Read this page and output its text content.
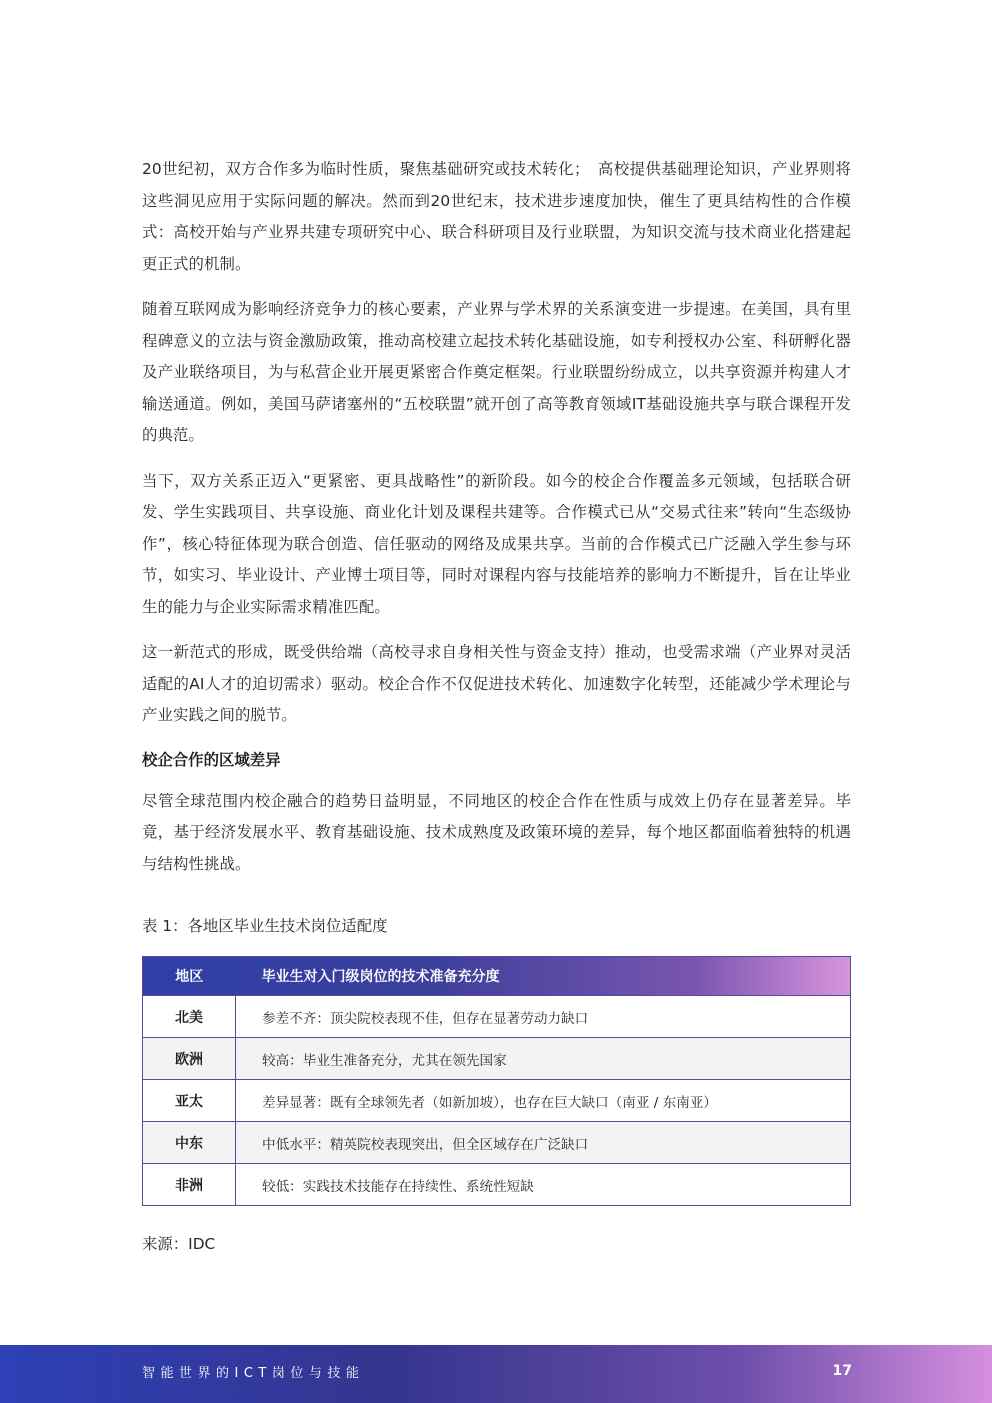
20世纪初，双方合作多为临时性质，聚焦基础研究或技术转化；　高校提供基础理论知识，产业界则将这些洞见应用于实际问题的解决。然而到20世纪末，技术进步速度加快，催生了更具结构性的合作模式：高校开始与产业界共建专项研究中心、联合科研项目及行业联盟，为知识交流与技术商业化搭建起更正式的机制。

随着互联网成为影响经济竞争力的核心要素，产业界与学术界的关系演变进一步提速。在美国，具有里程碑意义的立法与资金激励政策，推动高校建立起技术转化基础设施，如专利授权办公室、科研孵化器及产业联络项目，为与私营企业开展更紧密合作奠定框架。行业联盟纷纷成立，以共享资源并构建人才输送通道。例如，美国马萨诸塞州的“五校联盟”就开创了高等教育领域IT基础设施共享与联合课程开发的典范。

当下，双方关系正迈入“更紧密、更具战略性”的新阶段。如今的校企合作覆盖多元领域，包括联合研发、学生实践项目、共享设施、商业化计划及课程共建等。合作模式已从“交易式往来”转向“生态级协作”，核心特征体现为联合创造、信任驱动的网络及成果共享。当前的合作模式已广泛融入学生参与环节，如实习、毕业设计、产业博士项目等，同时对课程内容与技能培养的影响力不断提升，旨在让毕业生的能力与企业实际需求精准匹配。

这一新范式的形成，既受供给端（高校寻求自身相关性与资金支持）推动，也受需求端（产业界对灵活适配的AI人才的迫切需求）驱动。校企合作不仅促进技术转化、加速数字化转型，还能减少学术理论与产业实践之间的脱节。

校企合作的区域差异

尽管全球范围内校企融合的趋势日益明显，不同地区的校企合作在性质与成效上仍存在显著差异。毕竟，基于经济发展水平、教育基础设施、技术成熟度及政策环境的差异，每个地区都面临着独特的机遇与结构性挑战。

表 1：各地区毕业生技术岗位适配度
地区	毕业生对入门级岗位的技术准备充分度
北美	参差不齐：顶尖院校表现不佳，但存在显著劳动力缺口
欧洲	较高：毕业生准备充分，尤其在领先国家
亚太	差异显著：既有全球领先者（如新加坡），也存在巨大缺口（南亚 / 东南亚）
中东	中低水平：精英院校表现突出，但全区域存在广泛缺口
非洲	较低：实践技术技能存在持续性、系统性短缺
来源：IDC
智能世界的ICT岗位与技能	17
